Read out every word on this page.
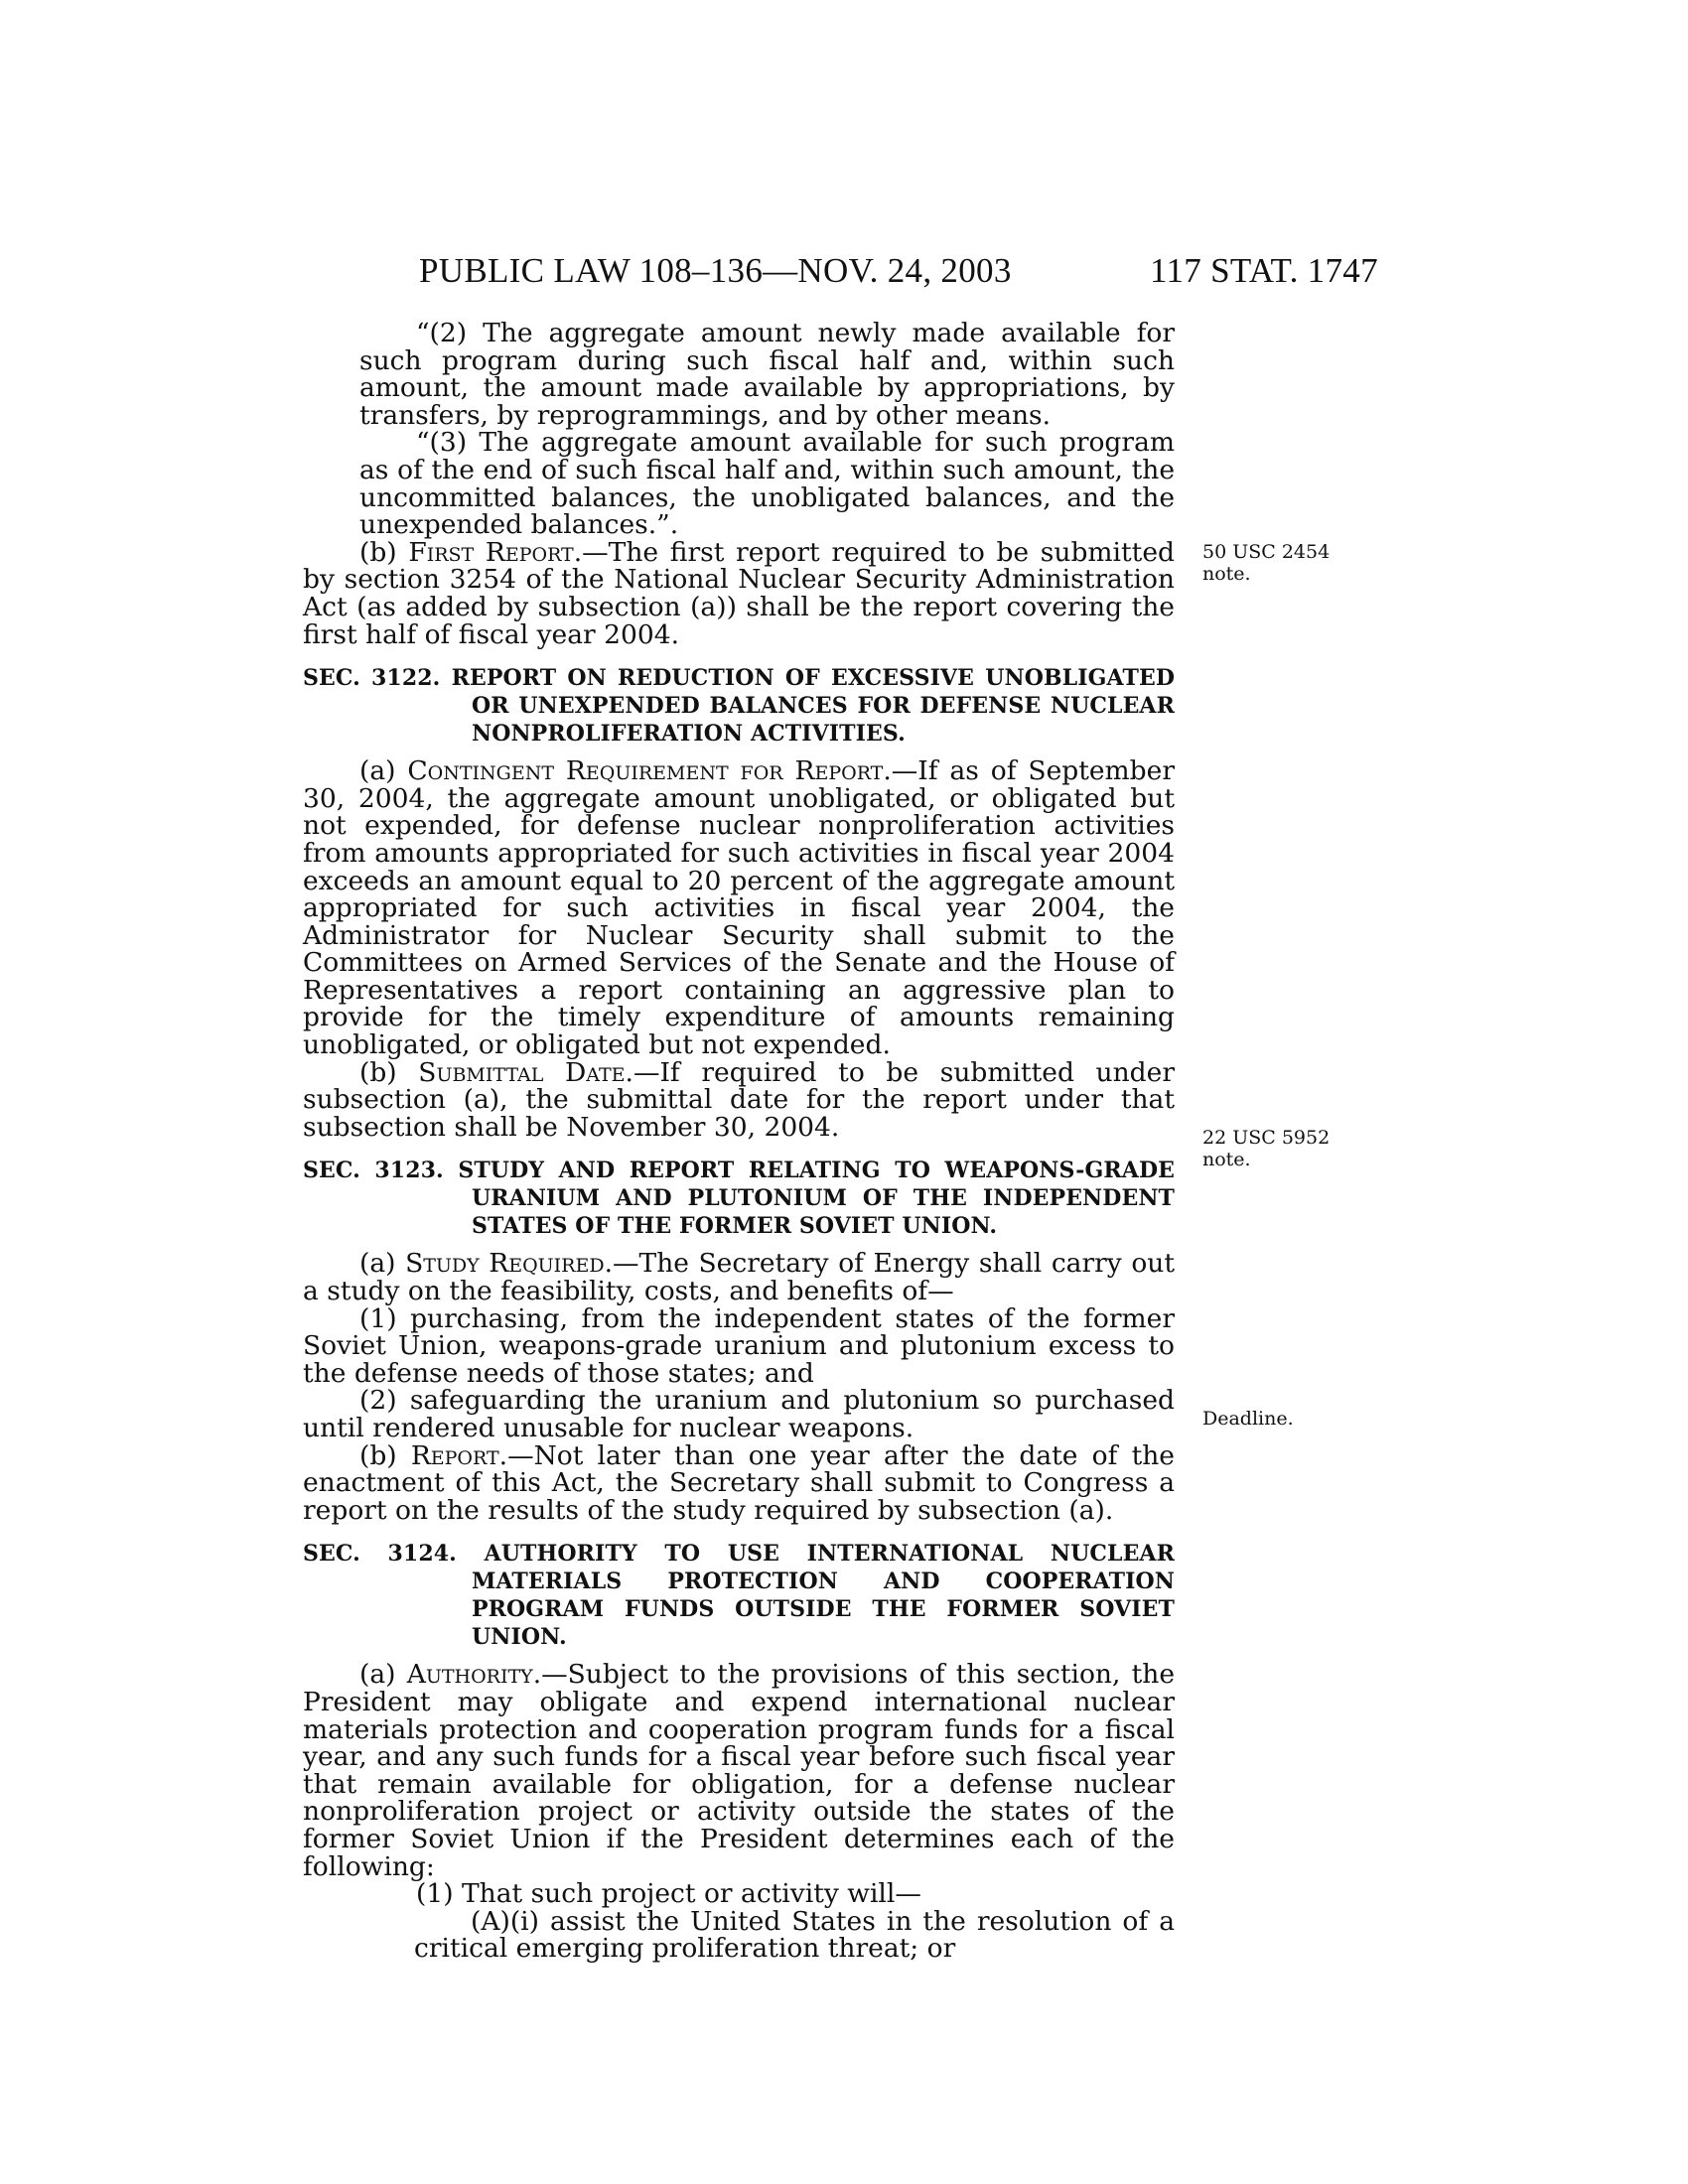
PUBLIC LAW 108–136—NOV. 24, 2003	117 STAT. 1747

“(2) The aggregate amount newly made available for such program during such fiscal half and, within such amount, the amount made available by appropriations, by transfers, by reprogrammings, and by other means.

“(3) The aggregate amount available for such program as of the end of such fiscal half and, within such amount, the uncommitted balances, the unobligated balances, and the unexpended balances.”.

(b) First Report.—The first report required to be submitted by section 3254 of the National Nuclear Security Administration Act (as added by subsection (a)) shall be the report covering the first half of fiscal year 2004.

SEC. 3122. REPORT ON REDUCTION OF EXCESSIVE UNOBLIGATED OR UNEXPENDED BALANCES FOR DEFENSE NUCLEAR NONPROLIFERATION ACTIVITIES.

(a) Contingent Requirement for Report.—If as of September 30, 2004, the aggregate amount unobligated, or obligated but not expended, for defense nuclear nonproliferation activities from amounts appropriated for such activities in fiscal year 2004 exceeds an amount equal to 20 percent of the aggregate amount appropriated for such activities in fiscal year 2004, the Administrator for Nuclear Security shall submit to the Committees on Armed Services of the Senate and the House of Representatives a report containing an aggressive plan to provide for the timely expenditure of amounts remaining unobligated, or obligated but not expended.

(b) Submittal Date.—If required to be submitted under subsection (a), the submittal date for the report under that subsection shall be November 30, 2004.

SEC. 3123. STUDY AND REPORT RELATING TO WEAPONS-GRADE URANIUM AND PLUTONIUM OF THE INDEPENDENT STATES OF THE FORMER SOVIET UNION.

(a) Study Required.—The Secretary of Energy shall carry out a study on the feasibility, costs, and benefits of—

(1) purchasing, from the independent states of the former Soviet Union, weapons-grade uranium and plutonium excess to the defense needs of those states; and

(2) safeguarding the uranium and plutonium so purchased until rendered unusable for nuclear weapons.

(b) Report.—Not later than one year after the date of the enactment of this Act, the Secretary shall submit to Congress a report on the results of the study required by subsection (a).

SEC. 3124. AUTHORITY TO USE INTERNATIONAL NUCLEAR MATERIALS PROTECTION AND COOPERATION PROGRAM FUNDS OUTSIDE THE FORMER SOVIET UNION.

(a) Authority.—Subject to the provisions of this section, the President may obligate and expend international nuclear materials protection and cooperation program funds for a fiscal year, and any such funds for a fiscal year before such fiscal year that remain available for obligation, for a defense nuclear nonproliferation project or activity outside the states of the former Soviet Union if the President determines each of the following:

(1) That such project or activity will—

(A)(i) assist the United States in the resolution of a critical emerging proliferation threat; or

50 USC 2454
note.
22 USC 5952
note.
Deadline.
